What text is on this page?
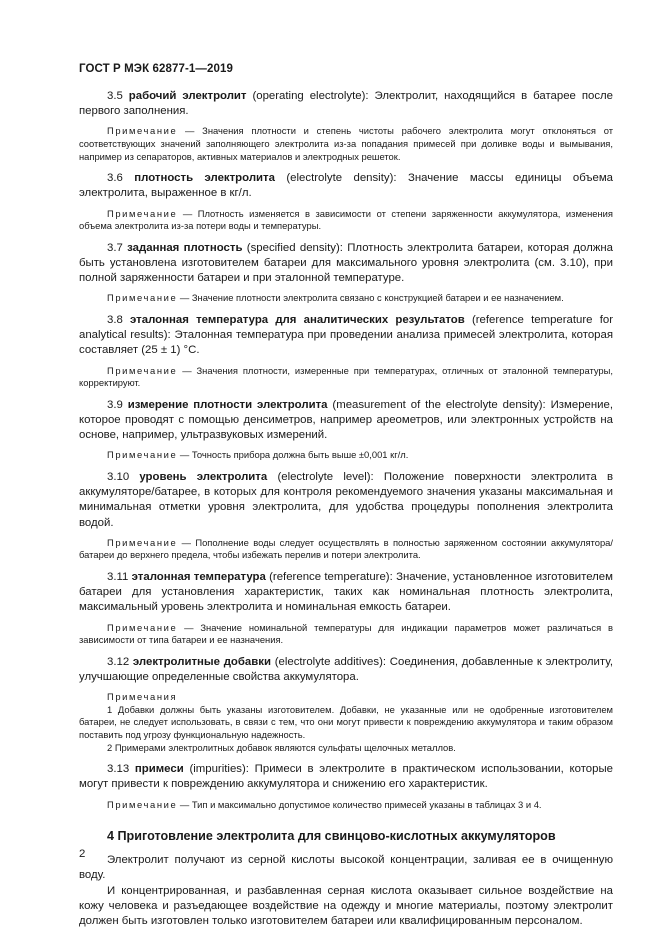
ГОСТ Р МЭК 62877-1—2019

3.5 рабочий электролит (operating electrolyte): Электролит, находящийся в батарее после первого заполнения.

Примечание — Значения плотности и степень чистоты рабочего электролита могут отклоняться от соответствующих значений заполняющего электролита из-за попадания примесей при доливке воды и вымывания, например из сепараторов, активных материалов и электродных решеток.

3.6 плотность электролита (electrolyte density): Значение массы единицы объема электролита, выраженное в кг/л.

Примечание — Плотность изменяется в зависимости от степени заряженности аккумулятора, изменения объема электролита из-за потери воды и температуры.

3.7 заданная плотность (specified density): Плотность электролита батареи, которая должна быть установлена изготовителем батареи для максимального уровня электролита (см. 3.10), при полной заряженности батареи и при эталонной температуре.

Примечание — Значение плотности электролита связано с конструкцией батареи и ее назначением.

3.8 эталонная температура для аналитических результатов (reference temperature for analytical results): Эталонная температура при проведении анализа примесей электролита, которая составляет (25 ± 1) °С.

Примечание — Значения плотности, измеренные при температурах, отличных от эталонной температуры, корректируют.

3.9 измерение плотности электролита (measurement of the electrolyte density): Измерение, которое проводят с помощью денсиметров, например ареометров, или электронных устройств на основе, например, ультразвуковых измерений.

Примечание — Точность прибора должна быть выше ±0,001 кг/л.

3.10 уровень электролита (electrolyte level): Положение поверхности электролита в аккумуляторе/батарее, в которых для контроля рекомендуемого значения указаны максимальная и минимальная отметки уровня электролита, для удобства процедуры пополнения электролита водой.

Примечание — Пополнение воды следует осуществлять в полностью заряженном состоянии аккумулятора/батареи до верхнего предела, чтобы избежать перелив и потери электролита.

3.11 эталонная температура (reference temperature): Значение, установленное изготовителем батареи для установления характеристик, таких как номинальная плотность электролита, максимальный уровень электролита и номинальная емкость батареи.

Примечание — Значение номинальной температуры для индикации параметров может различаться в зависимости от типа батареи и ее назначения.

3.12 электролитные добавки (electrolyte additives): Соединения, добавленные к электролиту, улучшающие определенные свойства аккумулятора.

Примечания

1 Добавки должны быть указаны изготовителем. Добавки, не указанные или не одобренные изготовителем батареи, не следует использовать, в связи с тем, что они могут привести к повреждению аккумулятора и таким образом поставить под угрозу функциональную надежность.

2 Примерами электролитных добавок являются сульфаты щелочных металлов.

3.13 примеси (impurities): Примеси в электролите в практическом использовании, которые могут привести к повреждению аккумулятора и снижению его характеристик.

Примечание — Тип и максимально допустимое количество примесей указаны в таблицах 3 и 4.

4 Приготовление электролита для свинцово-кислотных аккумуляторов

Электролит получают из серной кислоты высокой концентрации, заливая ее в очищенную воду.

И концентрированная, и разбавленная серная кислота оказывает сильное воздействие на кожу человека и разъедающее воздействие на одежду и многие материалы, поэтому электролит должен быть изготовлен только изготовителем батареи или квалифицированным персоналом.

2
